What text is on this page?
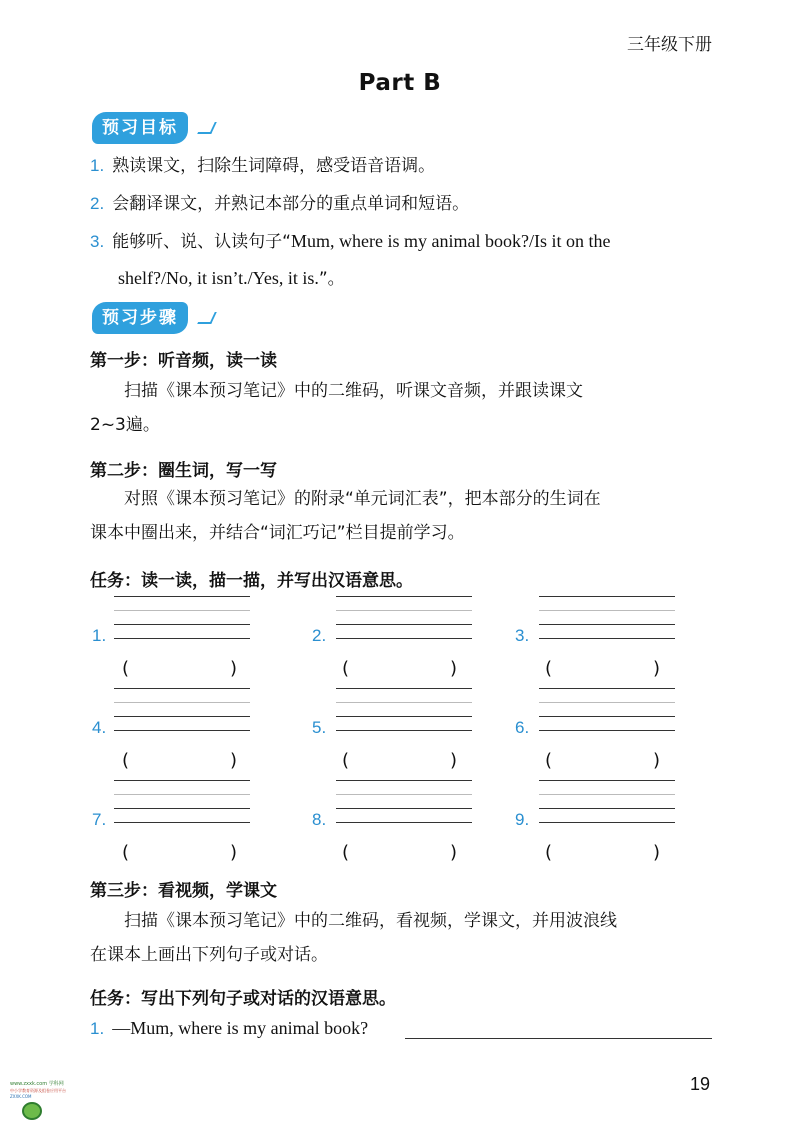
三年级下册
Part B
预习目标
1. 熟读课文，扫除生词障碍，感受语音语调。
2. 会翻译课文，并熟记本部分的重点单词和短语。
3. 能够听、说、认读句子“Mum, where is my animal book?/Is it on the
shelf?/No, it isn’t./Yes, it is.”。
预习步骤
第一步：听音频，读一读
扫描《课本预习笔记》中的二维码，听课文音频，并跟读课文
2~3遍。
第二步：圈生词，写一写
对照《课本预习笔记》的附录“单元词汇表”，把本部分的生词在
课本中圈出来，并结合“词汇巧记”栏目提前学习。
任务：读一读，描一描，并写出汉语意思。
1.
(	)
2.
(	)
3.
(	)
4.
(	)
5.
(	)
6.
(	)
7.
(	)
8.
(	)
9.
(	)
第三步：看视频，学课文
扫描《课本预习笔记》中的二维码，看视频，学课文，并用波浪线
在课本上画出下列句子或对话。
任务：写出下列句子或对话的汉语意思。
1. —Mum, where is my animal book?
19
www.zxxk.com 学科网
中小学教育资源及组卷应用平台
ZXXK.COM
